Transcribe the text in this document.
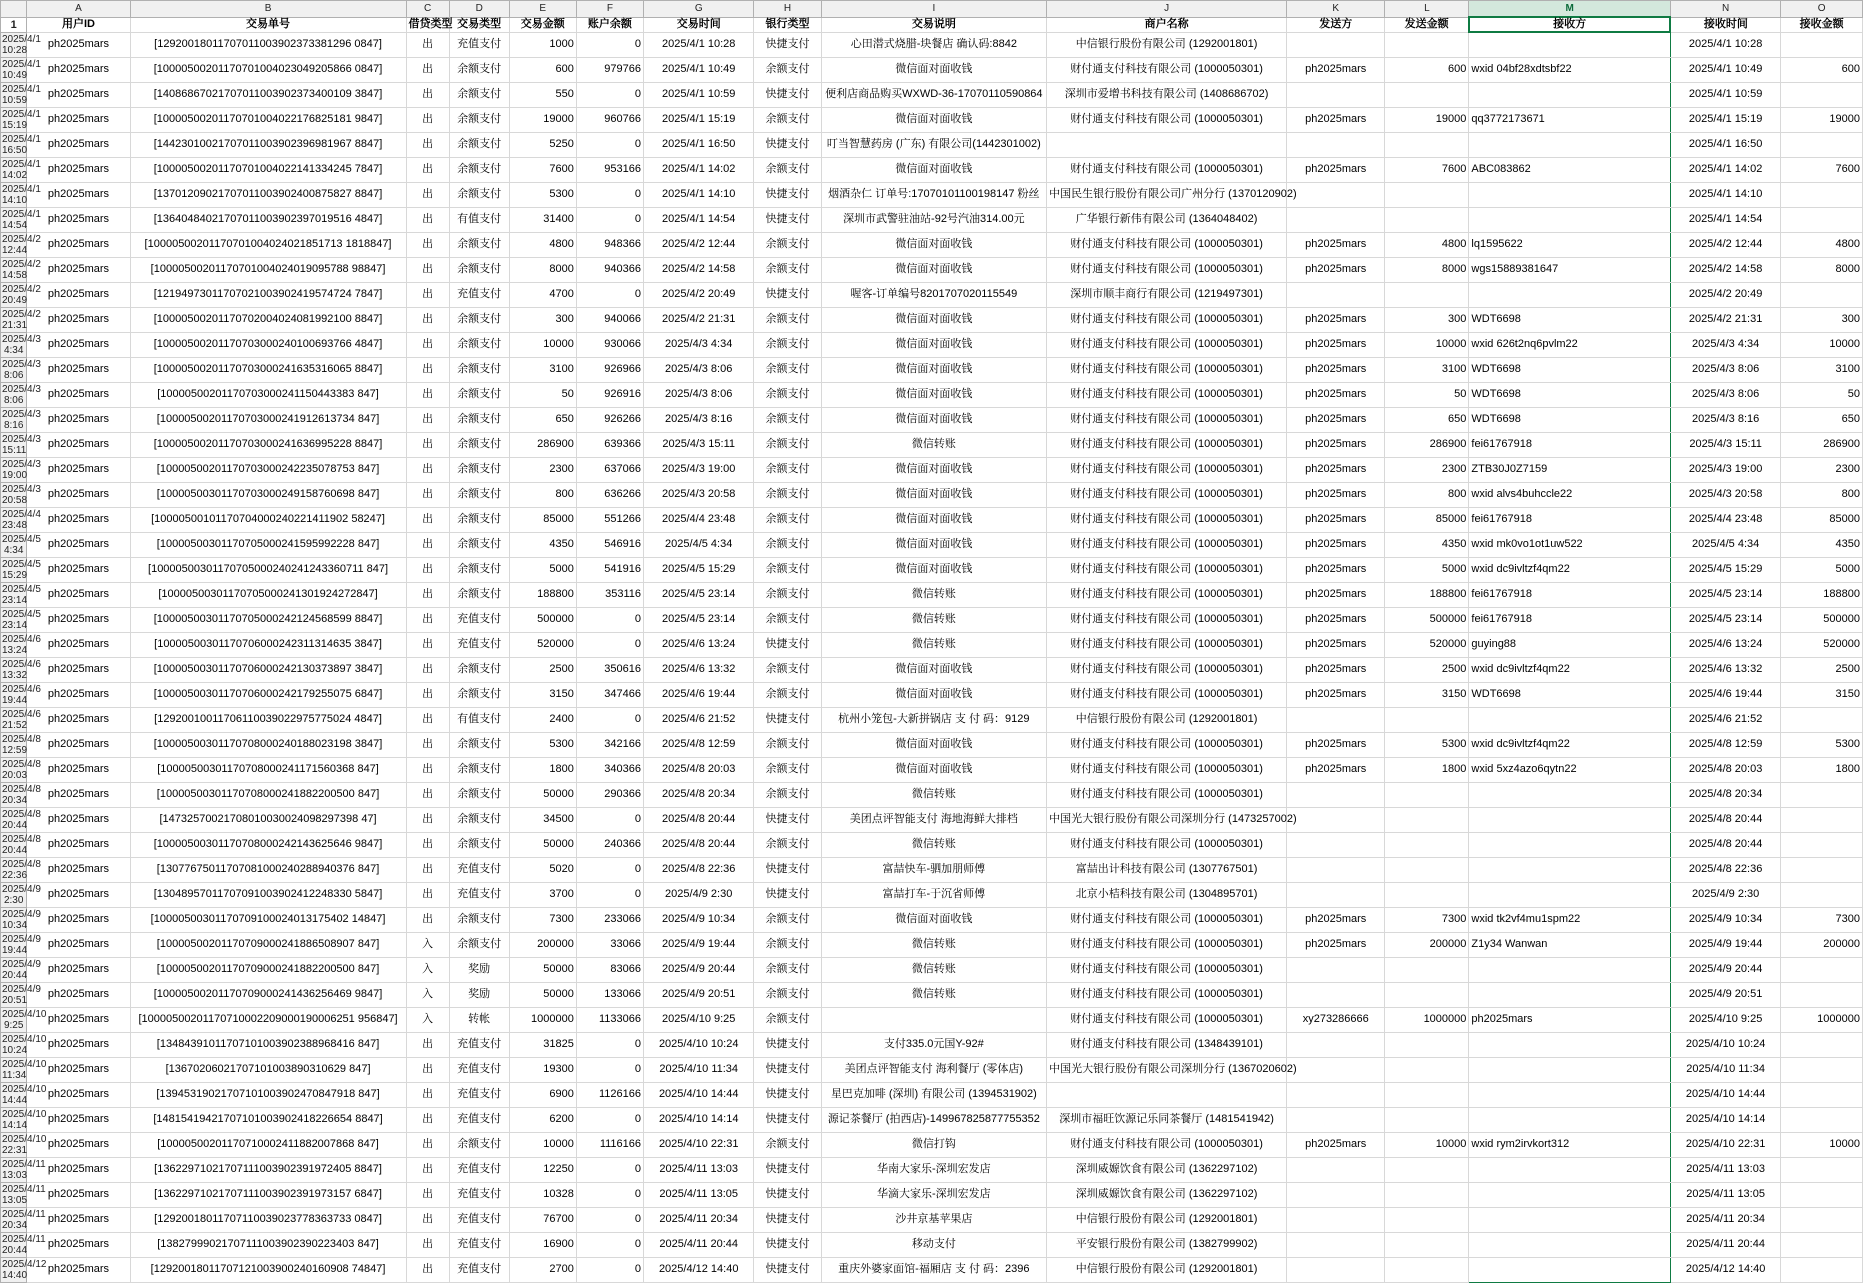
	A	B	C	D	E	F	G	H	I	J	K	L	M	N	O
1	用户ID	交易单号	借贷类型	交易类型	交易金额	账户余额	交易时间	银行类型	交易说明	商户名称	发送方	发送金额	接收方	接收时间	接收金额
2025/4/1 10:28	ph2025mars	[12920018011707011003902373381296 0847]	出	充值支付	1000	0	2025/4/1 10:28	快捷支付	心田潜式烧腊-块餐店 确认码:8842	中信银行股份有限公司 (1292001801)				2025/4/1 10:28	
2025/4/1 10:49	ph2025mars	[10000500201170701004023049205866 0847]	出	余额支付	600	979766	2025/4/1 10:49	余额支付	微信面对面收钱	财付通支付科技有限公司 (1000050301)	ph2025mars	600	wxid 04bf28xdtsbf22	2025/4/1 10:49	600
2025/4/1 10:59	ph2025mars	[14086867021707011003902373400109 3847]	出	余额支付	550	0	2025/4/1 10:59	快捷支付	便利店商品购买WXWD-36-17070110590864	深圳市爱增书科技有限公司 (1408686702)				2025/4/1 10:59	
2025/4/1 15:19	ph2025mars	[10000500201170701004022176825181 9847]	出	余额支付	19000	960766	2025/4/1 15:19	余额支付	微信面对面收钱	财付通支付科技有限公司 (1000050301)	ph2025mars	19000	qq3772173671	2025/4/1 15:19	19000
2025/4/1 16:50	ph2025mars	[14423010021707011003902396981967 8847]	出	余额支付	5250	0	2025/4/1 16:50	快捷支付	叮当智慧药房 (广东) 有限公司(1442301002)					2025/4/1 16:50	
2025/4/1 14:02	ph2025mars	[10000500201170701004022141334245 7847]	出	余额支付	7600	953166	2025/4/1 14:02	余额支付	微信面对面收钱	财付通支付科技有限公司 (1000050301)	ph2025mars	7600	ABC083862	2025/4/1 14:02	7600
2025/4/1 14:10	ph2025mars	[13701209021707011003902400875827 8847]	出	余额支付	5300	0	2025/4/1 14:10	快捷支付	烟酒杂仁 订单号:17070101100198147 粉丝	中国民生银行股份有限公司广州分行 (1370120902)				2025/4/1 14:10	
2025/4/1 14:54	ph2025mars	[13640484021707011003902397019516 4847]	出	有值支付	31400	0	2025/4/1 14:54	快捷支付	深圳市武警驻油站-92号汽油314.00元	广华银行新伟有限公司 (1364048402)				2025/4/1 14:54	
2025/4/2 12:44	ph2025mars	[10000500201170701004024021851713 1818847]	出	余额支付	4800	948366	2025/4/2 12:44	余额支付	微信面对面收钱	财付通支付科技有限公司 (1000050301)	ph2025mars	4800	lq1595622	2025/4/2 12:44	4800
2025/4/2 14:58	ph2025mars	[10000500201170701004024019095788 98847]	出	余额支付	8000	940366	2025/4/2 14:58	余额支付	微信面对面收钱	财付通支付科技有限公司 (1000050301)	ph2025mars	8000	wgs15889381647	2025/4/2 14:58	8000
2025/4/2 20:49	ph2025mars	[12194973011707021003902419574724 7847]	出	充值支付	4700	0	2025/4/2 20:49	快捷支付	喔客-订单编号8201707020115549	深圳市顺丰商行有限公司 (1219497301)				2025/4/2 20:49	
2025/4/2 21:31	ph2025mars	[10000500201170702004024081992100 8847]	出	余额支付	300	940066	2025/4/2 21:31	余额支付	微信面对面收钱	财付通支付科技有限公司 (1000050301)	ph2025mars	300	WDT6698	2025/4/2 21:31	300
2025/4/3 4:34	ph2025mars	[10000500201170703000240100693766 4847]	出	余额支付	10000	930066	2025/4/3 4:34	余额支付	微信面对面收钱	财付通支付科技有限公司 (1000050301)	ph2025mars	10000	wxid 626t2nq6pvlm22	2025/4/3 4:34	10000
2025/4/3 8:06	ph2025mars	[10000500201170703000241635316065 8847]	出	余额支付	3100	926966	2025/4/3 8:06	余额支付	微信面对面收钱	财付通支付科技有限公司 (1000050301)	ph2025mars	3100	WDT6698	2025/4/3 8:06	3100
2025/4/3 8:06	ph2025mars	[10000500201170703000241150443383 847]	出	余额支付	50	926916	2025/4/3 8:06	余额支付	微信面对面收钱	财付通支付科技有限公司 (1000050301)	ph2025mars	50	WDT6698	2025/4/3 8:06	50
2025/4/3 8:16	ph2025mars	[10000500201170703000241912613734 847]	出	余额支付	650	926266	2025/4/3 8:16	余额支付	微信面对面收钱	财付通支付科技有限公司 (1000050301)	ph2025mars	650	WDT6698	2025/4/3 8:16	650
2025/4/3 15:11	ph2025mars	[10000500201170703000241636995228 8847]	出	余额支付	286900	639366	2025/4/3 15:11	余额支付	微信转账	财付通支付科技有限公司 (1000050301)	ph2025mars	286900	fei61767918	2025/4/3 15:11	286900
2025/4/3 19:00	ph2025mars	[10000500201170703000242235078753 847]	出	余额支付	2300	637066	2025/4/3 19:00	余额支付	微信面对面收钱	财付通支付科技有限公司 (1000050301)	ph2025mars	2300	ZTB30J0Z7159	2025/4/3 19:00	2300
2025/4/3 20:58	ph2025mars	[10000500301170703000249158760698 847]	出	余额支付	800	636266	2025/4/3 20:58	余额支付	微信面对面收钱	财付通支付科技有限公司 (1000050301)	ph2025mars	800	wxid alvs4buhccle22	2025/4/3 20:58	800
2025/4/4 23:48	ph2025mars	[10000500101170704000240221411902 58247]	出	余额支付	85000	551266	2025/4/4 23:48	余额支付	微信面对面收钱	财付通支付科技有限公司 (1000050301)	ph2025mars	85000	fei61767918	2025/4/4 23:48	85000
2025/4/5 4:34	ph2025mars	[10000500301170705000241595992228 847]	出	余额支付	4350	546916	2025/4/5 4:34	余额支付	微信面对面收钱	财付通支付科技有限公司 (1000050301)	ph2025mars	4350	wxid mk0vo1ot1uw522	2025/4/5 4:34	4350
2025/4/5 15:29	ph2025mars	[10000500301170705000240241243360711 847]	出	余额支付	5000	541916	2025/4/5 15:29	余额支付	微信面对面收钱	财付通支付科技有限公司 (1000050301)	ph2025mars	5000	wxid dc9ivltzf4qm22	2025/4/5 15:29	5000
2025/4/5 23:14	ph2025mars	[10000500301170705000241301924272847]	出	余额支付	188800	353116	2025/4/5 23:14	余额支付	微信转账	财付通支付科技有限公司 (1000050301)	ph2025mars	188800	fei61767918	2025/4/5 23:14	188800
2025/4/5 23:14	ph2025mars	[10000500301170705000242124568599 8847]	出	充值支付	500000	0	2025/4/5 23:14	余额支付	微信转账	财付通支付科技有限公司 (1000050301)	ph2025mars	500000	fei61767918	2025/4/5 23:14	500000
2025/4/6 13:24	ph2025mars	[10000500301170706000242311314635 3847]	出	充值支付	520000	0	2025/4/6 13:24	快捷支付	微信转账	财付通支付科技有限公司 (1000050301)	ph2025mars	520000	guying88	2025/4/6 13:24	520000
2025/4/6 13:32	ph2025mars	[10000500301170706000242130373897 3847]	出	余额支付	2500	350616	2025/4/6 13:32	余额支付	微信面对面收钱	财付通支付科技有限公司 (1000050301)	ph2025mars	2500	wxid dc9ivltzf4qm22	2025/4/6 13:32	2500
2025/4/6 19:44	ph2025mars	[10000500301170706000242179255075 6847]	出	余额支付	3150	347466	2025/4/6 19:44	余额支付	微信面对面收钱	财付通支付科技有限公司 (1000050301)	ph2025mars	3150	WDT6698	2025/4/6 19:44	3150
2025/4/6 21:52	ph2025mars	[12920010011706110039022975775024 4847]	出	有值支付	2400	0	2025/4/6 21:52	快捷支付	杭州小笼包-大新拼锅店 支 付 码：9129	中信银行股份有限公司 (1292001801)				2025/4/6 21:52	
2025/4/8 12:59	ph2025mars	[10000500301170708000240188023198 3847]	出	余额支付	5300	342166	2025/4/8 12:59	余额支付	微信面对面收钱	财付通支付科技有限公司 (1000050301)	ph2025mars	5300	wxid dc9ivltzf4qm22	2025/4/8 12:59	5300
2025/4/8 20:03	ph2025mars	[10000500301170708000241171560368 847]	出	余额支付	1800	340366	2025/4/8 20:03	余额支付	微信面对面收钱	财付通支付科技有限公司 (1000050301)	ph2025mars	1800	wxid 5xz4azo6qytn22	2025/4/8 20:03	1800
2025/4/8 20:34	ph2025mars	[10000500301170708000241882200500 847]	出	余额支付	50000	290366	2025/4/8 20:34	余额支付	微信转账	财付通支付科技有限公司 (1000050301)				2025/4/8 20:34	
2025/4/8 20:44	ph2025mars	[14732570021708010030024098297398 47]	出	余额支付	34500	0	2025/4/8 20:44	快捷支付	美团点评智能支付 海地海鲜大排档	中国光大银行股份有限公司深圳分行 (1473257002)				2025/4/8 20:44	
2025/4/8 20:44	ph2025mars	[10000500301170708000242143625646 9847]	出	余额支付	50000	240366	2025/4/8 20:44	余额支付	微信转账	财付通支付科技有限公司 (1000050301)				2025/4/8 20:44	
2025/4/8 22:36	ph2025mars	[13077675011707081000240288940376 847]	出	充值支付	5020	0	2025/4/8 22:36	快捷支付	富喆快车-驷加朋师傅	富喆出计科技有限公司 (1307767501)				2025/4/8 22:36	
2025/4/9 2:30	ph2025mars	[13048957011707091003902412248330 5847]	出	充值支付	3700	0	2025/4/9 2:30	快捷支付	富喆打车-于沉省师傅	北京小桔科技有限公司 (1304895701)				2025/4/9 2:30	
2025/4/9 10:34	ph2025mars	[10000500301170709100024013175402 14847]	出	余额支付	7300	233066	2025/4/9 10:34	余额支付	微信面对面收钱	财付通支付科技有限公司 (1000050301)	ph2025mars	7300	wxid tk2vf4mu1spm22	2025/4/9 10:34	7300
2025/4/9 19:44	ph2025mars	[10000500201170709000241886508907 847]	入	余额支付	200000	33066	2025/4/9 19:44	余额支付	微信转账	财付通支付科技有限公司 (1000050301)	ph2025mars	200000	Z1y34 Wanwan	2025/4/9 19:44	200000
2025/4/9 20:44	ph2025mars	[10000500201170709000241882200500 847]	入	奖励	50000	83066	2025/4/9 20:44	余额支付	微信转账	财付通支付科技有限公司 (1000050301)				2025/4/9 20:44	
2025/4/9 20:51	ph2025mars	[10000500201170709000241436256469 9847]	入	奖励	50000	133066	2025/4/9 20:51	余额支付	微信转账	财付通支付科技有限公司 (1000050301)				2025/4/9 20:51	
2025/4/10 9:25	ph2025mars	[10000500201170710002209000190006251 956847]	入	转帐	1000000	1133066	2025/4/10 9:25	余额支付		财付通支付科技有限公司 (1000050301)	xy273286666	1000000	ph2025mars	2025/4/10 9:25	1000000
2025/4/10 10:24	ph2025mars	[13484391011707101003902388968416 847]	出	充值支付	31825	0	2025/4/10 10:24	快捷支付	支付335.0元国Y-92#	财付通支付科技有限公司 (1348439101)				2025/4/10 10:24	
2025/4/10 11:34	ph2025mars	[13670206021707101003890310629 847]	出	充值支付	19300	0	2025/4/10 11:34	快捷支付	美团点评智能支付 海利餐厅 (零体店)	中国光大银行股份有限公司深圳分行 (1367020602)				2025/4/10 11:34	
2025/4/10 14:44	ph2025mars	[13945319021707101003902470847918 847]	出	充值支付	6900	1126166	2025/4/10 14:44	快捷支付	星巴克加啡 (深圳) 有限公司 (1394531902)					2025/4/10 14:44	
2025/4/10 14:14	ph2025mars	[14815419421707101003902418226654 8847]	出	充值支付	6200	0	2025/4/10 14:14	快捷支付	源记茶餐厅 (拍西店)-149967825877755352	深圳市福旺饮源记乐同茶餐厅 (1481541942)				2025/4/10 14:14	
2025/4/10 22:31	ph2025mars	[10000500201170710002411882007868 847]	出	余额支付	10000	1116166	2025/4/10 22:31	余额支付	微信打钩	财付通支付科技有限公司 (1000050301)	ph2025mars	10000	wxid rym2irvkort312	2025/4/10 22:31	10000
2025/4/11 13:03	ph2025mars	[13622971021707111003902391972405 8847]	出	充值支付	12250	0	2025/4/11 13:03	快捷支付	华南大家乐-深圳宏发店	深圳威嫄饮食有限公司 (1362297102)				2025/4/11 13:03	
2025/4/11 13:05	ph2025mars	[13622971021707111003902391973157 6847]	出	充值支付	10328	0	2025/4/11 13:05	快捷支付	华滴大家乐-深圳宏发店	深圳威嫄饮食有限公司 (1362297102)				2025/4/11 13:05	
2025/4/11 20:34	ph2025mars	[12920018011707110039023778363733 0847]	出	充值支付	76700	0	2025/4/11 20:34	快捷支付	沙井京基苹果店	中信银行股份有限公司 (1292001801)				2025/4/11 20:34	
2025/4/11 20:44	ph2025mars	[13827999021707111003902390223403 847]	出	充值支付	16900	0	2025/4/11 20:44	快捷支付	移动支付	平安银行股份有限公司 (1382799902)				2025/4/11 20:44	
2025/4/12 14:40	ph2025mars	[12920018011707121003900240160908 74847]	出	充值支付	2700	0	2025/4/12 14:40	快捷支付	重庆外婆家面馆-福厢店 支 付 码：2396	中信银行股份有限公司 (1292001801)				2025/4/12 14:40	
